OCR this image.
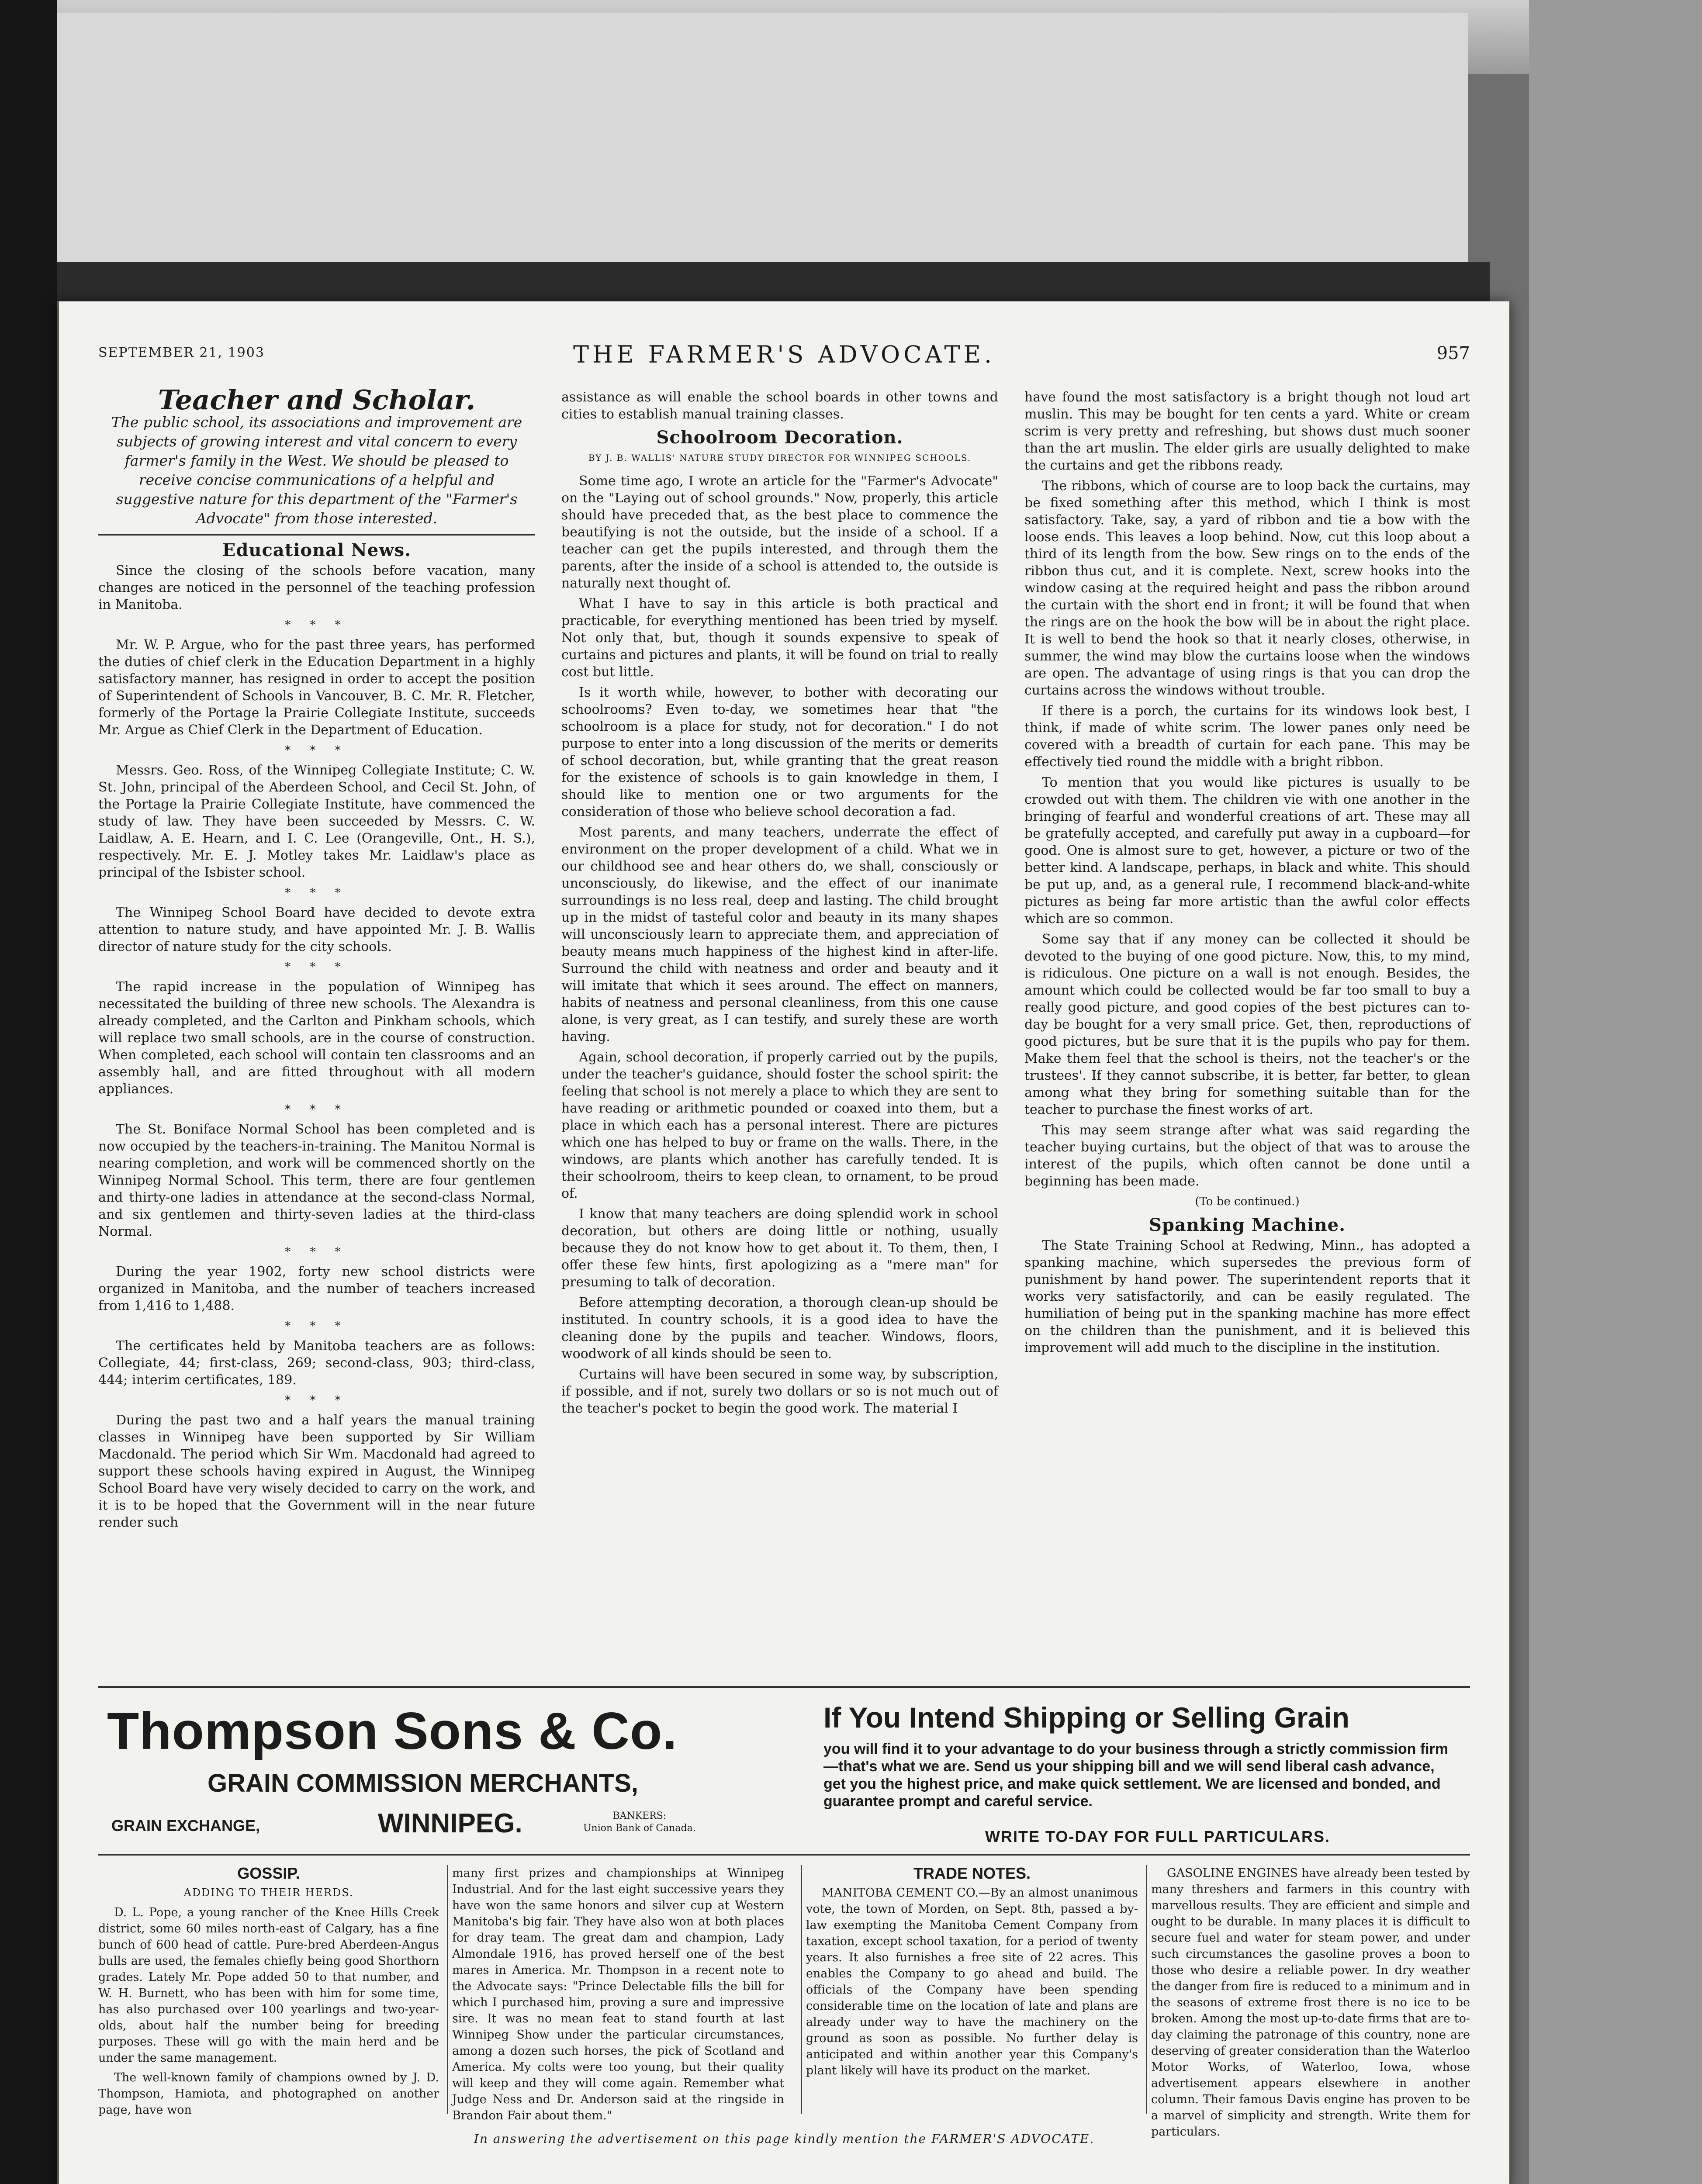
SEPTEMBER 21, 1903	THE FARMER'S ADVOCATE.	957
Teacher and Scholar.
The public school, its associations and improvement are subjects of growing interest and vital concern to every farmer's family in the West. We should be pleased to receive concise communications of a helpful and suggestive nature for this department of the "Farmer's Advocate" from those interested.
Educational News.

Since the closing of the schools before vacation, many changes are noticed in the personnel of the teaching profession in Manitoba.

* * *

Mr. W. P. Argue, who for the past three years, has performed the duties of chief clerk in the Education Department in a highly satisfactory manner, has resigned in order to accept the position of Superintendent of Schools in Vancouver, B. C. Mr. R. Fletcher, formerly of the Portage la Prairie Collegiate Institute, succeeds Mr. Argue as Chief Clerk in the Department of Education.

* * *

Messrs. Geo. Ross, of the Winnipeg Collegiate Institute; C. W. St. John, principal of the Aberdeen School, and Cecil St. John, of the Portage la Prairie Collegiate Institute, have commenced the study of law. They have been succeeded by Messrs. C. W. Laidlaw, A. E. Hearn, and I. C. Lee (Orangeville, Ont., H. S.), respectively. Mr. E. J. Motley takes Mr. Laidlaw's place as principal of the Isbister school.

* * *

The Winnipeg School Board have decided to devote extra attention to nature study, and have appointed Mr. J. B. Wallis director of nature study for the city schools.

* * *

The rapid increase in the population of Winnipeg has necessitated the building of three new schools. The Alexandra is already completed, and the Carlton and Pinkham schools, which will replace two small schools, are in the course of construction. When completed, each school will contain ten classrooms and an assembly hall, and are fitted throughout with all modern appliances.

* * *

The St. Boniface Normal School has been completed and is now occupied by the teachers-in-training. The Manitou Normal is nearing completion, and work will be commenced shortly on the Winnipeg Normal School. This term, there are four gentlemen and thirty-one ladies in attendance at the second-class Normal, and six gentlemen and thirty-seven ladies at the third-class Normal.

* * *

During the year 1902, forty new school districts were organized in Manitoba, and the number of teachers increased from 1,416 to 1,488.

* * *

The certificates held by Manitoba teachers are as follows: Collegiate, 44; first-class, 269; second-class, 903; third-class, 444; interim certificates, 189.

* * *

During the past two and a half years the manual training classes in Winnipeg have been supported by Sir William Macdonald. The period which Sir Wm. Macdonald had agreed to support these schools having expired in August, the Winnipeg School Board have very wisely decided to carry on the work, and it is to be hoped that the Government will in the near future render such

assistance as will enable the school boards in other towns and cities to establish manual training classes.

Schoolroom Decoration.
BY J. B. WALLIS' NATURE STUDY DIRECTOR FOR WINNIPEG SCHOOLS.

Some time ago, I wrote an article for the "Farmer's Advocate" on the "Laying out of school grounds." Now, properly, this article should have preceded that, as the best place to commence the beautifying is not the outside, but the inside of a school. If a teacher can get the pupils interested, and through them the parents, after the inside of a school is attended to, the outside is naturally next thought of.

What I have to say in this article is both practical and practicable, for everything mentioned has been tried by myself. Not only that, but, though it sounds expensive to speak of curtains and pictures and plants, it will be found on trial to really cost but little.

Is it worth while, however, to bother with decorating our schoolrooms? Even to-day, we sometimes hear that "the schoolroom is a place for study, not for decoration." I do not purpose to enter into a long discussion of the merits or demerits of school decoration, but, while granting that the great reason for the existence of schools is to gain knowledge in them, I should like to mention one or two arguments for the consideration of those who believe school decoration a fad.

Most parents, and many teachers, underrate the effect of environment on the proper development of a child. What we in our childhood see and hear others do, we shall, consciously or unconsciously, do likewise, and the effect of our inanimate surroundings is no less real, deep and lasting. The child brought up in the midst of tasteful color and beauty in its many shapes will unconsciously learn to appreciate them, and appreciation of beauty means much happiness of the highest kind in after-life. Surround the child with neatness and order and beauty and it will imitate that which it sees around. The effect on manners, habits of neatness and personal cleanliness, from this one cause alone, is very great, as I can testify, and surely these are worth having.

Again, school decoration, if properly carried out by the pupils, under the teacher's guidance, should foster the school spirit: the feeling that school is not merely a place to which they are sent to have reading or arithmetic pounded or coaxed into them, but a place in which each has a personal interest. There are pictures which one has helped to buy or frame on the walls. There, in the windows, are plants which another has carefully tended. It is their schoolroom, theirs to keep clean, to ornament, to be proud of.

I know that many teachers are doing splendid work in school decoration, but others are doing little or nothing, usually because they do not know how to get about it. To them, then, I offer these few hints, first apologizing as a "mere man" for presuming to talk of decoration.

Before attempting decoration, a thorough clean-up should be instituted. In country schools, it is a good idea to have the cleaning done by the pupils and teacher. Windows, floors, woodwork of all kinds should be seen to.

Curtains will have been secured in some way, by subscription, if possible, and if not, surely two dollars or so is not much out of the teacher's pocket to begin the good work. The material I

have found the most satisfactory is a bright though not loud art muslin. This may be bought for ten cents a yard. White or cream scrim is very pretty and refreshing, but shows dust much sooner than the art muslin. The elder girls are usually delighted to make the curtains and get the ribbons ready.

The ribbons, which of course are to loop back the curtains, may be fixed something after this method, which I think is most satisfactory. Take, say, a yard of ribbon and tie a bow with the loose ends. This leaves a loop behind. Now, cut this loop about a third of its length from the bow. Sew rings on to the ends of the ribbon thus cut, and it is complete. Next, screw hooks into the window casing at the required height and pass the ribbon around the curtain with the short end in front; it will be found that when the rings are on the hook the bow will be in about the right place. It is well to bend the hook so that it nearly closes, otherwise, in summer, the wind may blow the curtains loose when the windows are open. The advantage of using rings is that you can drop the curtains across the windows without trouble.

If there is a porch, the curtains for its windows look best, I think, if made of white scrim. The lower panes only need be covered with a breadth of curtain for each pane. This may be effectively tied round the middle with a bright ribbon.

To mention that you would like pictures is usually to be crowded out with them. The children vie with one another in the bringing of fearful and wonderful creations of art. These may all be gratefully accepted, and carefully put away in a cupboard—for good. One is almost sure to get, however, a picture or two of the better kind. A landscape, perhaps, in black and white. This should be put up, and, as a general rule, I recommend black-and-white pictures as being far more artistic than the awful color effects which are so common.

Some say that if any money can be collected it should be devoted to the buying of one good picture. Now, this, to my mind, is ridiculous. One picture on a wall is not enough. Besides, the amount which could be collected would be far too small to buy a really good picture, and good copies of the best pictures can to-day be bought for a very small price. Get, then, reproductions of good pictures, but be sure that it is the pupils who pay for them. Make them feel that the school is theirs, not the teacher's or the trustees'. If they cannot subscribe, it is better, far better, to glean among what they bring for something suitable than for the teacher to purchase the finest works of art.

This may seem strange after what was said regarding the teacher buying curtains, but the object of that was to arouse the interest of the pupils, which often cannot be done until a beginning has been made.

(To be continued.)
Spanking Machine.

The State Training School at Redwing, Minn., has adopted a spanking machine, which supersedes the previous form of punishment by hand power. The superintendent reports that it works very satisfactorily, and can be easily regulated. The humiliation of being put in the spanking machine has more effect on the children than the punishment, and it is believed this improvement will add much to the discipline in the institution.

Thompson Sons & Co.
GRAIN COMMISSION MERCHANTS,
GRAIN EXCHANGE,	WINNIPEG.	BANKERS:
Union Bank of Canada.
If You Intend Shipping or Selling Grain
you will find it to your advantage to do your business through a strictly commission firm—that's what we are. Send us your shipping bill and we will send liberal cash advance, get you the highest price, and make quick settlement. We are licensed and bonded, and guarantee prompt and careful service.
WRITE TO-DAY FOR FULL PARTICULARS.
GOSSIP.
ADDING TO THEIR HERDS.

D. L. Pope, a young rancher of the Knee Hills Creek district, some 60 miles north-east of Calgary, has a fine bunch of 600 head of cattle. Pure-bred Aberdeen-Angus bulls are used, the females chiefly being good Shorthorn grades. Lately Mr. Pope added 50 to that number, and W. H. Burnett, who has been with him for some time, has also purchased over 100 yearlings and two-year-olds, about half the number being for breeding purposes. These will go with the main herd and be under the same management.

The well-known family of champions owned by J. D. Thompson, Hamiota, and photographed on another page, have won

many first prizes and championships at Winnipeg Industrial. And for the last eight successive years they have won the same honors and silver cup at Western Manitoba's big fair. They have also won at both places for dray team. The great dam and champion, Lady Almondale 1916, has proved herself one of the best mares in America. Mr. Thompson in a recent note to the Advocate says: "Prince Delectable fills the bill for which I purchased him, proving a sure and impressive sire. It was no mean feat to stand fourth at last Winnipeg Show under the particular circumstances, among a dozen such horses, the pick of Scotland and America. My colts were too young, but their quality will keep and they will come again. Remember what Judge Ness and Dr. Anderson said at the ringside in Brandon Fair about them."

TRADE NOTES.

MANITOBA CEMENT CO.—By an almost unanimous vote, the town of Morden, on Sept. 8th, passed a by-law exempting the Manitoba Cement Company from taxation, except school taxation, for a period of twenty years. It also furnishes a free site of 22 acres. This enables the Company to go ahead and build. The officials of the Company have been spending considerable time on the location of late and plans are already under way to have the machinery on the ground as soon as possible. No further delay is anticipated and within another year this Company's plant likely will have its product on the market.

GASOLINE ENGINES have already been tested by many threshers and farmers in this country with marvellous results. They are efficient and simple and ought to be durable. In many places it is difficult to secure fuel and water for steam power, and under such circumstances the gasoline proves a boon to those who desire a reliable power. In dry weather the danger from fire is reduced to a minimum and in the seasons of extreme frost there is no ice to be broken. Among the most up-to-date firms that are to-day claiming the patronage of this country, none are deserving of greater consideration than the Waterloo Motor Works, of Waterloo, Iowa, whose advertisement appears elsewhere in another column. Their famous Davis engine has proven to be a marvel of simplicity and strength. Write them for particulars.

In answering the advertisement on this page kindly mention the FARMER'S ADVOCATE.
